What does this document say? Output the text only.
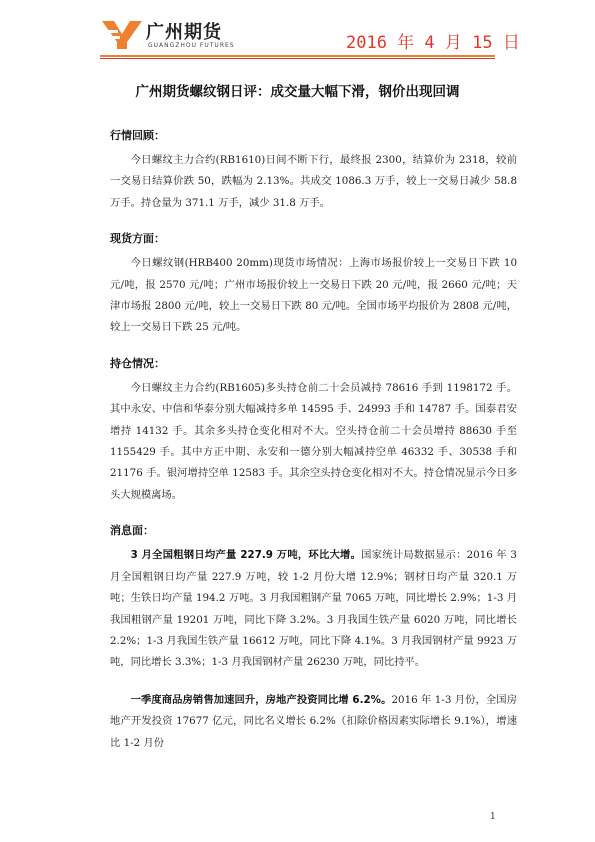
广州期货
GUANGZHOU FUTURES	2016 年 4 月 15 日
广州期货螺纹钢日评：成交量大幅下滑，钢价出现回调

行情回顾：

今日螺纹主力合约(RB1610)日间不断下行，最终报 2300，结算价为 2318，较前一交易日结算价跌 50，跌幅为 2.13%。共成交 1086.3 万手，较上一交易日减少 58.8 万手。持仓量为 371.1 万手，减少 31.8 万手。

现货方面：

今日螺纹钢(HRB400 20mm)现货市场情况：上海市场报价较上一交易日下跌 10 元/吨，报 2570 元/吨；广州市场报价较上一交易日下跌 20 元/吨，报 2660 元/吨；天津市场报 2800 元/吨，较上一交易日下跌 80 元/吨。全国市场平均报价为 2808 元/吨，较上一交易日下跌 25 元/吨。

持仓情况：

今日螺纹主力合约(RB1605)多头持仓前二十会员减持 78616 手到 1198172 手。其中永安、中信和华泰分别大幅减持多单 14595 手、24993 手和 14787 手。国泰君安增持 14132 手。其余多头持仓变化相对不大。空头持仓前二十会员增持 88630 手至 1155429 手。其中方正中期、永安和一德分别大幅减持空单 46332 手、30538 手和 21176 手。银河增持空单 12583 手。其余空头持仓变化相对不大。持仓情况显示今日多头大规模离场。

消息面：

3 月全国粗钢日均产量 227.9 万吨，环比大增。国家统计局数据显示：2016 年 3 月全国粗钢日均产量 227.9 万吨，较 1-2 月份大增 12.9%；钢材日均产量 320.1 万吨；生铁日均产量 194.2 万吨。3 月我国粗钢产量 7065 万吨，同比增长 2.9%；1-3 月我国粗钢产量 19201 万吨，同比下降 3.2%。3 月我国生铁产量 6020 万吨，同比增长 2.2%；1-3 月我国生铁产量 16612 万吨，同比下降 4.1%。3 月我国钢材产量 9923 万吨，同比增长 3.3%；1-3 月我国钢材产量 26230 万吨，同比持平。

一季度商品房销售加速回升，房地产投资同比增 6.2%。2016 年 1-3 月份，全国房地产开发投资 17677 亿元，同比名义增长 6.2%（扣除价格因素实际增长 9.1%），增速比 1-2 月份

1
